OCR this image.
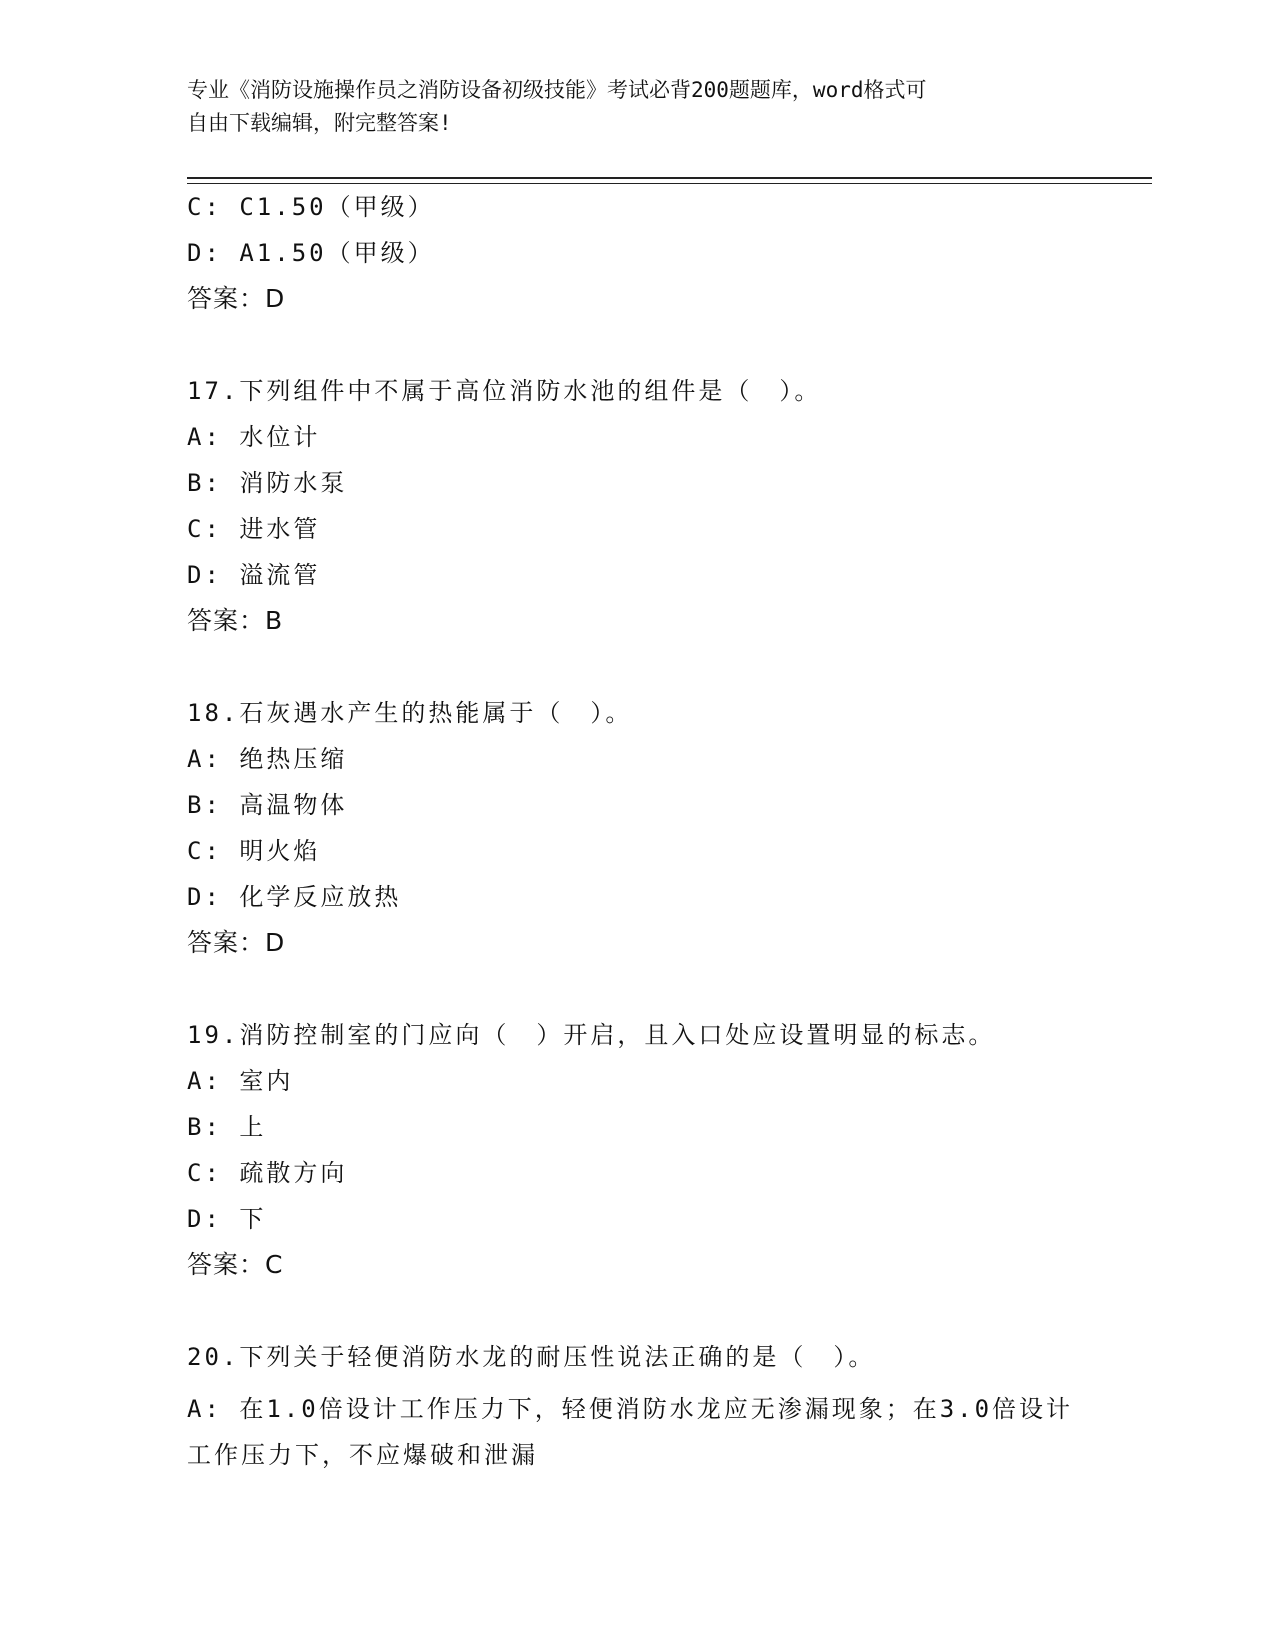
专业《消防设施操作员之消防设备初级技能》考试必背200题题库，word格式可
自由下载编辑，附完整答案!
C: C1.50（甲级）
D: A1.50（甲级）
答案：D
17.下列组件中不属于高位消防水池的组件是（　）。
A: 水位计
B: 消防水泵
C: 进水管
D: 溢流管
答案：B
18.石灰遇水产生的热能属于（　）。
A: 绝热压缩
B: 高温物体
C: 明火焰
D: 化学反应放热
答案：D
19.消防控制室的门应向（　）开启，且入口处应设置明显的标志。
A: 室内
B: 上
C: 疏散方向
D: 下
答案：C
20.下列关于轻便消防水龙的耐压性说法正确的是（　）。
A: 在1.0倍设计工作压力下，轻便消防水龙应无渗漏现象；在3.0倍设计工作压力下，不应爆破和泄漏
